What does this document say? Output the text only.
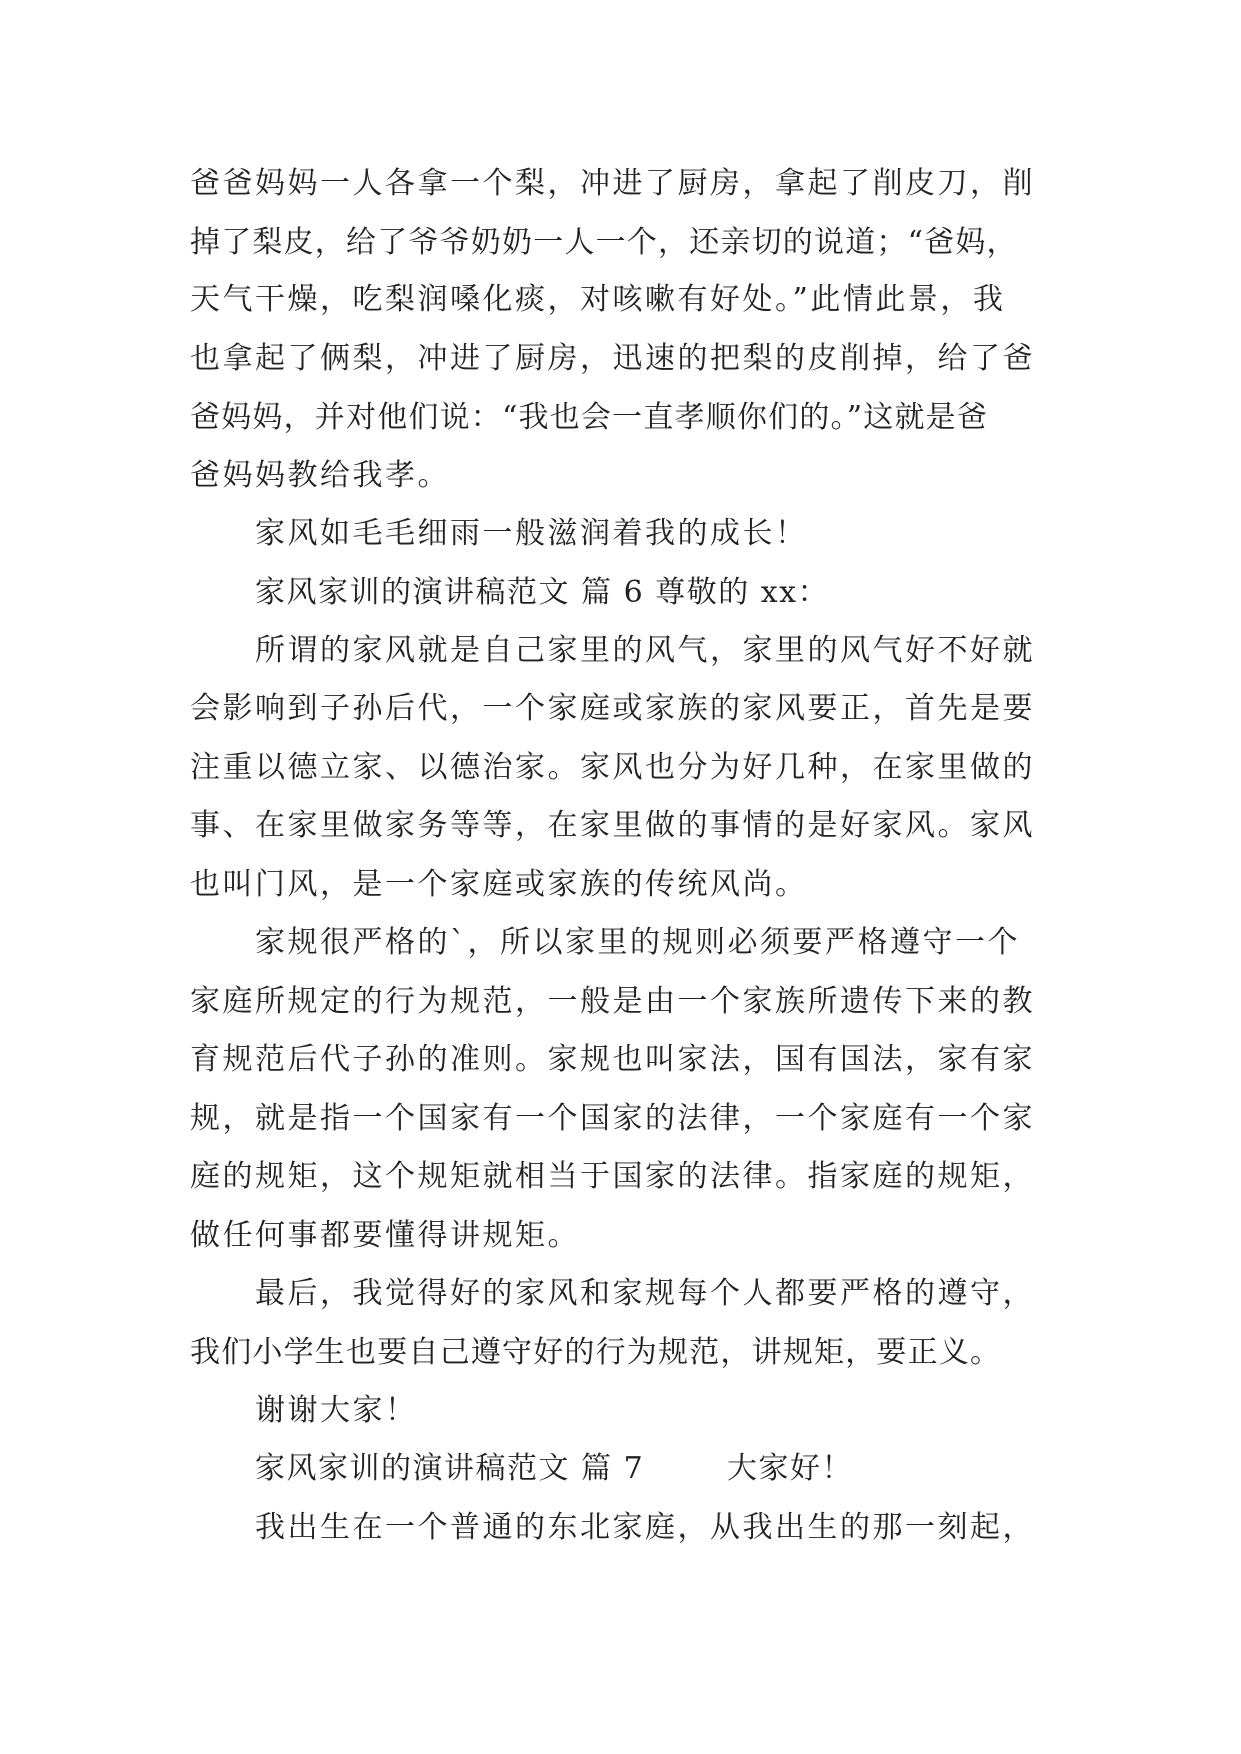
爸爸妈妈一人各拿一个梨，冲进了厨房，拿起了削皮刀，削
掉了梨皮，给了爷爷奶奶一人一个，还亲切的说道；“爸妈，
天气干燥，吃梨润嗓化痰，对咳嗽有好处。”此情此景，我
也拿起了俩梨，冲进了厨房，迅速的把梨的皮削掉，给了爸
爸妈妈，并对他们说：“我也会一直孝顺你们的。”这就是爸
爸妈妈教给我孝。
家风如毛毛细雨一般滋润着我的成长！
家风家训的演讲稿范文 篇 6 尊敬的 xx：
所谓的家风就是自己家里的风气，家里的风气好不好就
会影响到子孙后代，一个家庭或家族的家风要正，首先是要
注重以德立家、以德治家。家风也分为好几种，在家里做的
事、在家里做家务等等，在家里做的事情的是好家风。家风
也叫门风，是一个家庭或家族的传统风尚。
家规很严格的`，所以家里的规则必须要严格遵守一个
家庭所规定的行为规范，一般是由一个家族所遗传下来的教
育规范后代子孙的准则。家规也叫家法，国有国法，家有家
规，就是指一个国家有一个国家的法律，一个家庭有一个家
庭的规矩，这个规矩就相当于国家的法律。指家庭的规矩，
做任何事都要懂得讲规矩。
最后，我觉得好的家风和家规每个人都要严格的遵守，
我们小学生也要自己遵守好的行为规范，讲规矩，要正义。
谢谢大家！
家风家训的演讲稿范文 篇 7	大家好！
我出生在一个普通的东北家庭，从我出生的那一刻起，
